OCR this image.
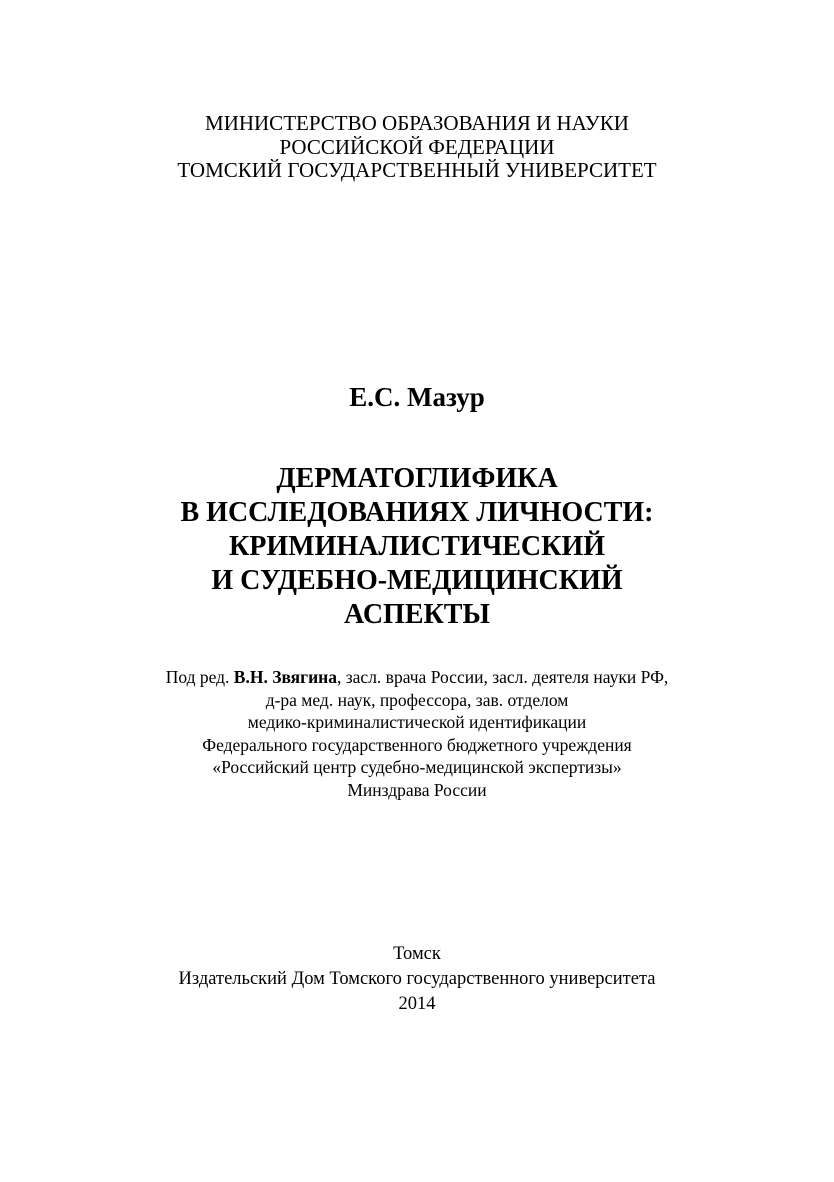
МИНИСТЕРСТВО ОБРАЗОВАНИЯ И НАУКИ
РОССИЙСКОЙ ФЕДЕРАЦИИ
ТОМСКИЙ ГОСУДАРСТВЕННЫЙ УНИВЕРСИТЕТ
Е.С. Мазур
ДЕРМАТОГЛИФИКА
В ИССЛЕДОВАНИЯХ ЛИЧНОСТИ:
КРИМИНАЛИСТИЧЕСКИЙ
И СУДЕБНО-МЕДИЦИНСКИЙ
АСПЕКТЫ
Под ред. В.Н. Звягина, засл. врача России, засл. деятеля науки РФ,
д-ра мед. наук, профессора, зав. отделом
медико-криминалистической идентификации
Федерального государственного бюджетного учреждения
«Российский центр судебно-медицинской экспертизы»
Минздрава России
Томск
Издательский Дом Томского государственного университета
2014
